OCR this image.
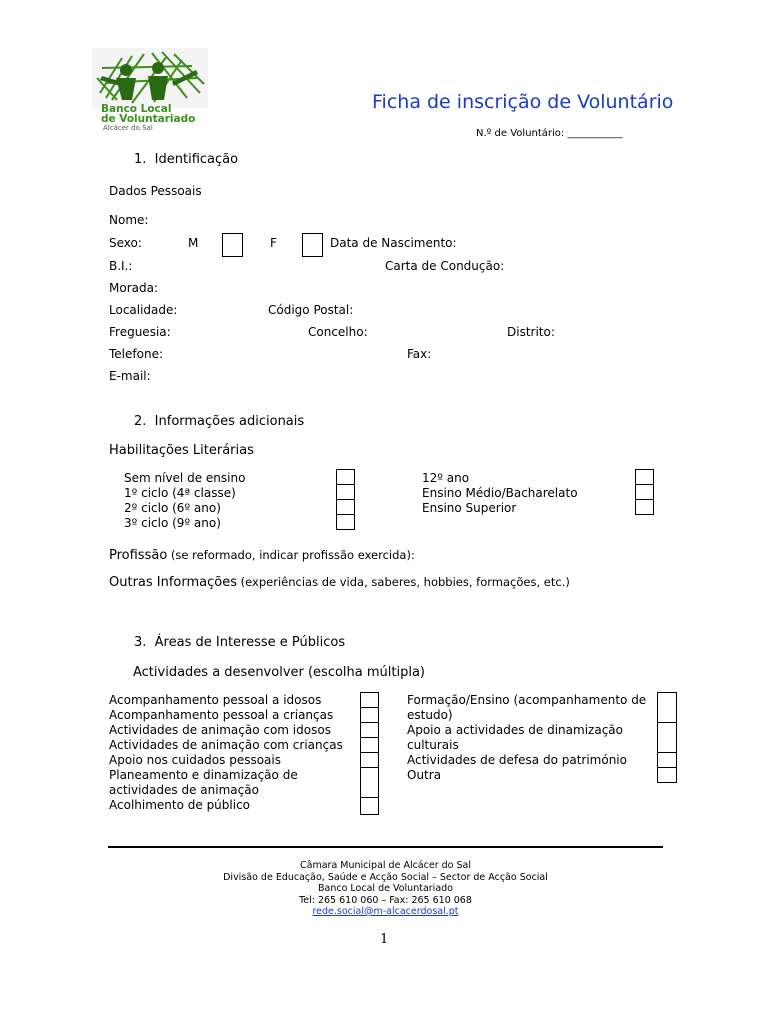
Banco Local
de Voluntariado
Alcácer do Sal
Ficha de inscrição de Voluntário
N.º de Voluntário: ___________
1.  Identificação
Dados Pessoais
Nome:
Sexo:	M	F	Data de Nascimento:
B.I.:	Carta de Condução:
Morada:
Localidade:	Código Postal:
Freguesia:	Concelho:	Distrito:
Telefone:	Fax:
E-mail:
2.  Informações adicionais
Habilitações Literárias
Sem nível de ensino
1º ciclo (4ª classe)
2º ciclo (6º ano)
3º ciclo (9º ano)
12º ano
Ensino Médio/Bacharelato
Ensino Superior
Profissão (se reformado, indicar profissão exercida):
Outras Informações (experiências de vida, saberes, hobbies, formações, etc.)
3.  Áreas de Interesse e Públicos
Actividades a desenvolver (escolha múltipla)
Acompanhamento pessoal a idosos
Acompanhamento pessoal a crianças
Actividades de animação com idosos
Actividades de animação com crianças
Apoio nos cuidados pessoais
Planeamento e dinamização de
actividades de animação
Acolhimento de público
Formação/Ensino (acompanhamento de
estudo)
Apoio a actividades de dinamização
culturais
Actividades de defesa do património
Outra
Câmara Municipal de Alcácer do Sal
Divisão de Educação, Saúde e Acção Social – Sector de Acção Social
Banco Local de Voluntariado
Tel: 265 610 060 – Fax: 265 610 068
rede.social@m-alcacerdosal.pt
1
